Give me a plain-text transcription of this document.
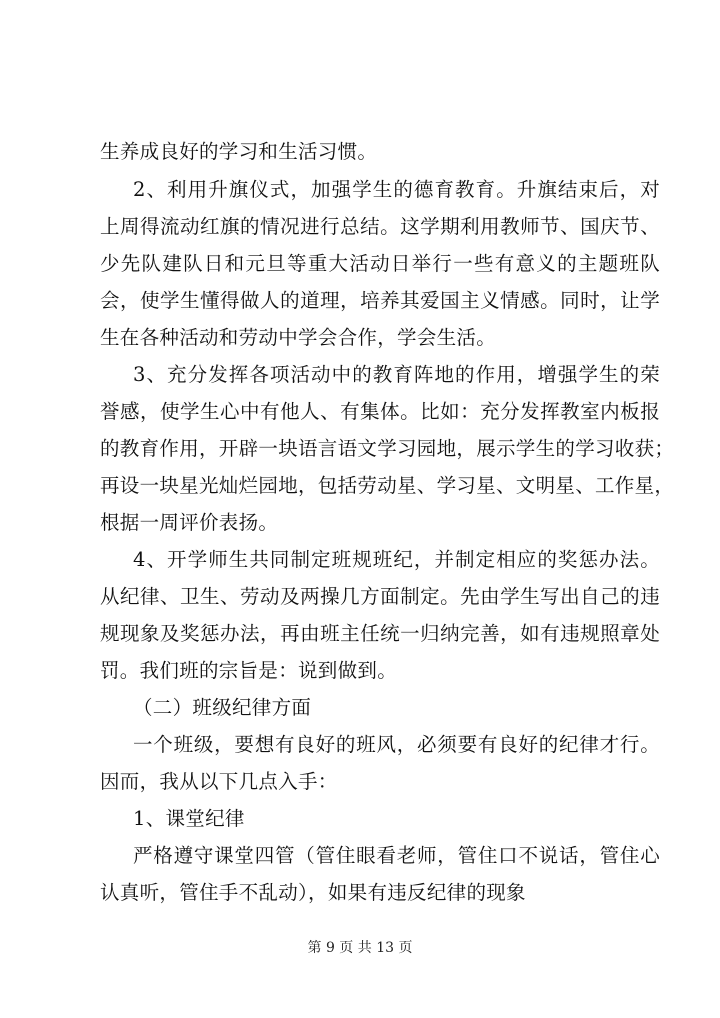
生养成良好的学习和生活习惯。
2、利用升旗仪式，加强学生的德育教育。升旗结束后，对
上周得流动红旗的情况进行总结。这学期利用教师节、国庆节、
少先队建队日和元旦等重大活动日举行一些有意义的主题班队
会，使学生懂得做人的道理，培养其爱国主义情感。同时，让学
生在各种活动和劳动中学会合作，学会生活。
3、充分发挥各项活动中的教育阵地的作用，增强学生的荣
誉感，使学生心中有他人、有集体。比如：充分发挥教室内板报
的教育作用，开辟一块语言语文学习园地，展示学生的学习收获；
再设一块星光灿烂园地，包括劳动星、学习星、文明星、工作星，
根据一周评价表扬。
4、开学师生共同制定班规班纪，并制定相应的奖惩办法。
从纪律、卫生、劳动及两操几方面制定。先由学生写出自己的违
规现象及奖惩办法，再由班主任统一归纳完善，如有违规照章处
罚。我们班的宗旨是：说到做到。
（二）班级纪律方面
一个班级，要想有良好的班风，必须要有良好的纪律才行。
因而，我从以下几点入手：
1、课堂纪律
严格遵守课堂四管（管住眼看老师，管住口不说话，管住心
认真听，管住手不乱动），如果有违反纪律的现象
第 9 页 共 13 页
